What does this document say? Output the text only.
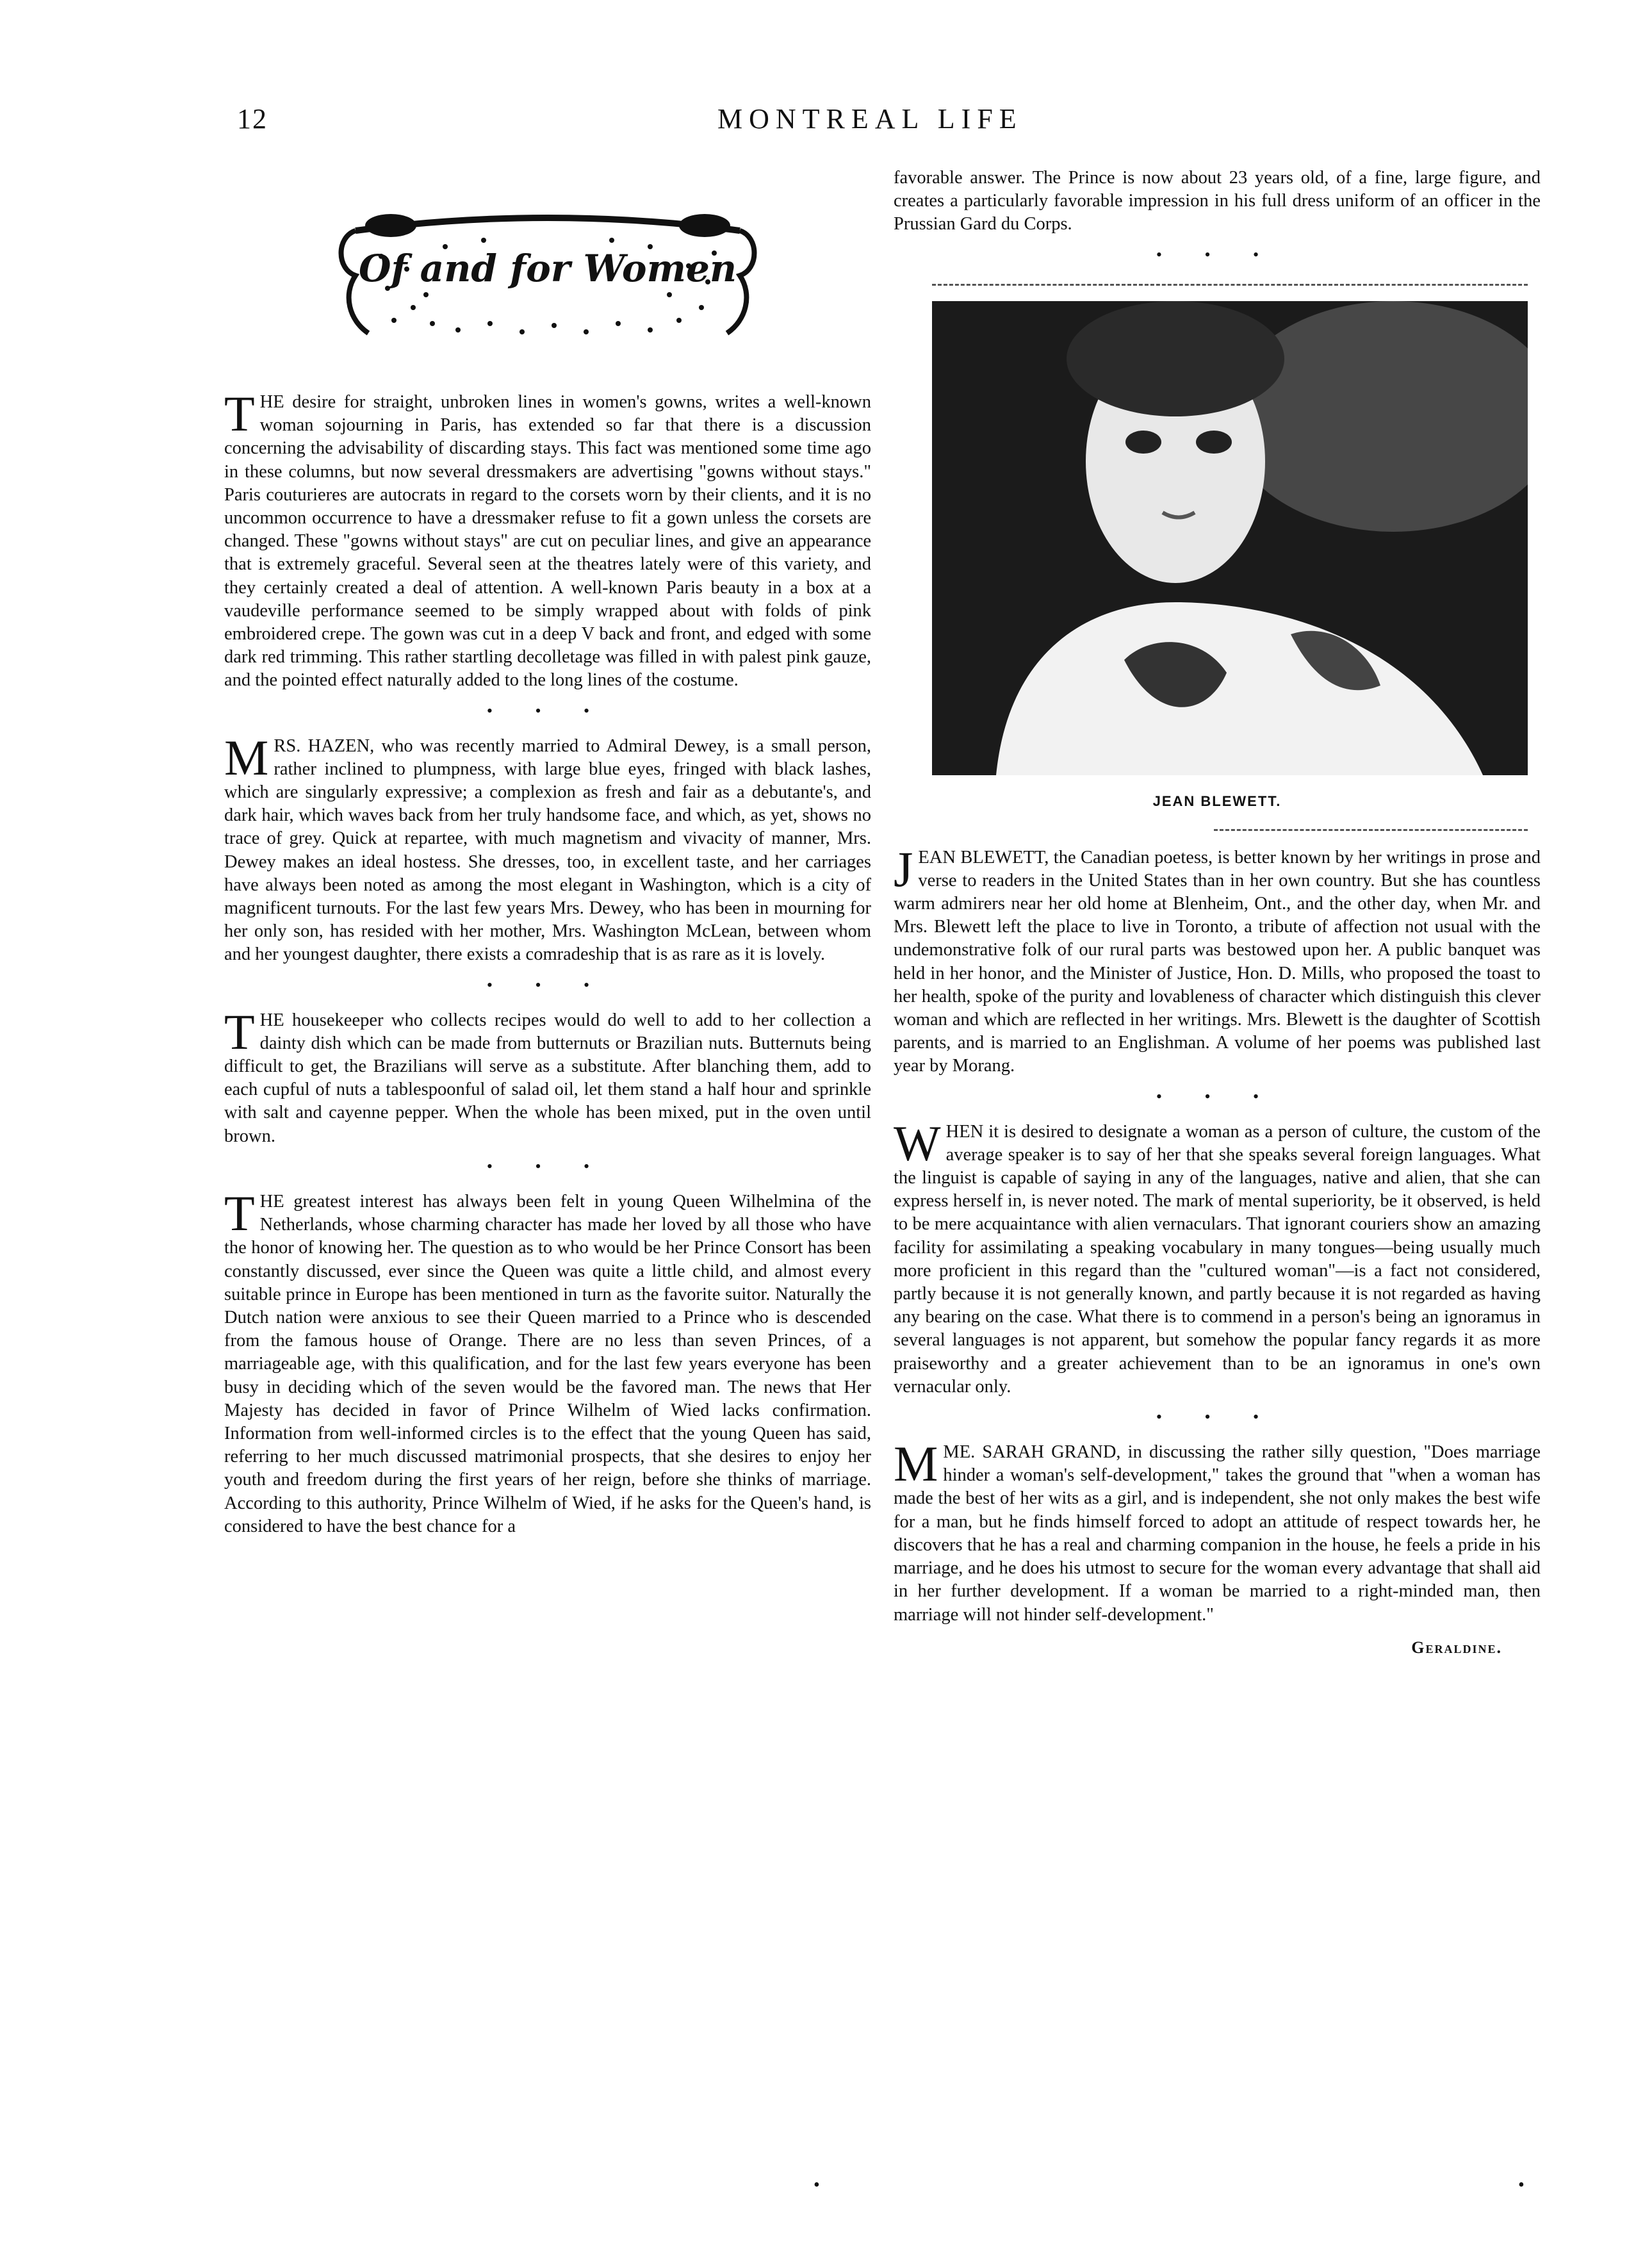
12	MONTREAL LIFE
Of and for Women

THE desire for straight, unbroken lines in women's gowns, writes a well-known woman sojourning in Paris, has extended so far that there is a discussion concerning the advisability of discarding stays. This fact was mentioned some time ago in these columns, but now several dressmakers are advertising "gowns without stays." Paris couturieres are autocrats in regard to the corsets worn by their clients, and it is no uncommon occurrence to have a dressmaker refuse to fit a gown unless the corsets are changed. These "gowns without stays" are cut on peculiar lines, and give an appearance that is extremely graceful. Several seen at the theatres lately were of this variety, and they certainly created a deal of attention. A well-known Paris beauty in a box at a vaudeville performance seemed to be simply wrapped about with folds of pink embroidered crepe. The gown was cut in a deep V back and front, and edged with some dark red trimming. This rather startling decolletage was filled in with palest pink gauze, and the pointed effect naturally added to the long lines of the costume.

• • •

MRS. HAZEN, who was recently married to Admiral Dewey, is a small person, rather inclined to plumpness, with large blue eyes, fringed with black lashes, which are singularly expressive; a complexion as fresh and fair as a debutante's, and dark hair, which waves back from her truly handsome face, and which, as yet, shows no trace of grey. Quick at repartee, with much magnetism and vivacity of manner, Mrs. Dewey makes an ideal hostess. She dresses, too, in excellent taste, and her carriages have always been noted as among the most elegant in Washington, which is a city of magnificent turnouts. For the last few years Mrs. Dewey, who has been in mourning for her only son, has resided with her mother, Mrs. Washington McLean, between whom and her youngest daughter, there exists a comradeship that is as rare as it is lovely.

• • •

THE housekeeper who collects recipes would do well to add to her collection a dainty dish which can be made from butternuts or Brazilian nuts. Butternuts being difficult to get, the Brazilians will serve as a substitute. After blanching them, add to each cupful of nuts a tablespoonful of salad oil, let them stand a half hour and sprinkle with salt and cayenne pepper. When the whole has been mixed, put in the oven until brown.

• • •

THE greatest interest has always been felt in young Queen Wilhelmina of the Netherlands, whose charming character has made her loved by all those who have the honor of knowing her. The question as to who would be her Prince Consort has been constantly discussed, ever since the Queen was quite a little child, and almost every suitable prince in Europe has been mentioned in turn as the favorite suitor. Naturally the Dutch nation were anxious to see their Queen married to a Prince who is descended from the famous house of Orange. There are no less than seven Princes, of a marriageable age, with this qualification, and for the last few years everyone has been busy in deciding which of the seven would be the favored man. The news that Her Majesty has decided in favor of Prince Wilhelm of Wied lacks confirmation. Information from well-informed circles is to the effect that the young Queen has said, referring to her much discussed matrimonial prospects, that she desires to enjoy her youth and freedom during the first years of her reign, before she thinks of marriage. According to this authority, Prince Wilhelm of Wied, if he asks for the Queen's hand, is considered to have the best chance for a

favorable answer. The Prince is now about 23 years old, of a fine, large figure, and creates a particularly favorable impression in his full dress uniform of an officer in the Prussian Gard du Corps.

• • •
JEAN BLEWETT.

JEAN BLEWETT, the Canadian poetess, is better known by her writings in prose and verse to readers in the United States than in her own country. But she has countless warm admirers near her old home at Blenheim, Ont., and the other day, when Mr. and Mrs. Blewett left the place to live in Toronto, a tribute of affection not usual with the undemonstrative folk of our rural parts was bestowed upon her. A public banquet was held in her honor, and the Minister of Justice, Hon. D. Mills, who proposed the toast to her health, spoke of the purity and lovableness of character which distinguish this clever woman and which are reflected in her writings. Mrs. Blewett is the daughter of Scottish parents, and is married to an Englishman. A volume of her poems was published last year by Morang.

• • •

WHEN it is desired to designate a woman as a person of culture, the custom of the average speaker is to say of her that she speaks several foreign languages. What the linguist is capable of saying in any of the languages, native and alien, that she can express herself in, is never noted. The mark of mental superiority, be it observed, is held to be mere acquaintance with alien vernaculars. That ignorant couriers show an amazing facility for assimilating a speaking vocabulary in many tongues—being usually much more proficient in this regard than the "cultured woman"—is a fact not considered, partly because it is not generally known, and partly because it is not regarded as having any bearing on the case. What there is to commend in a person's being an ignoramus in several languages is not apparent, but somehow the popular fancy regards it as more praiseworthy and a greater achievement than to be an ignoramus in one's own vernacular only.

• • •

MME. SARAH GRAND, in discussing the rather silly question, "Does marriage hinder a woman's self-development," takes the ground that "when a woman has made the best of her wits as a girl, and is independent, she not only makes the best wife for a man, but he finds himself forced to adopt an attitude of respect towards her, he discovers that he has a real and charming companion in the house, he feels a pride in his marriage, and he does his utmost to secure for the woman every advantage that shall aid in her further development. If a woman be married to a right-minded man, then marriage will not hinder self-development."

Geraldine.
•	•
